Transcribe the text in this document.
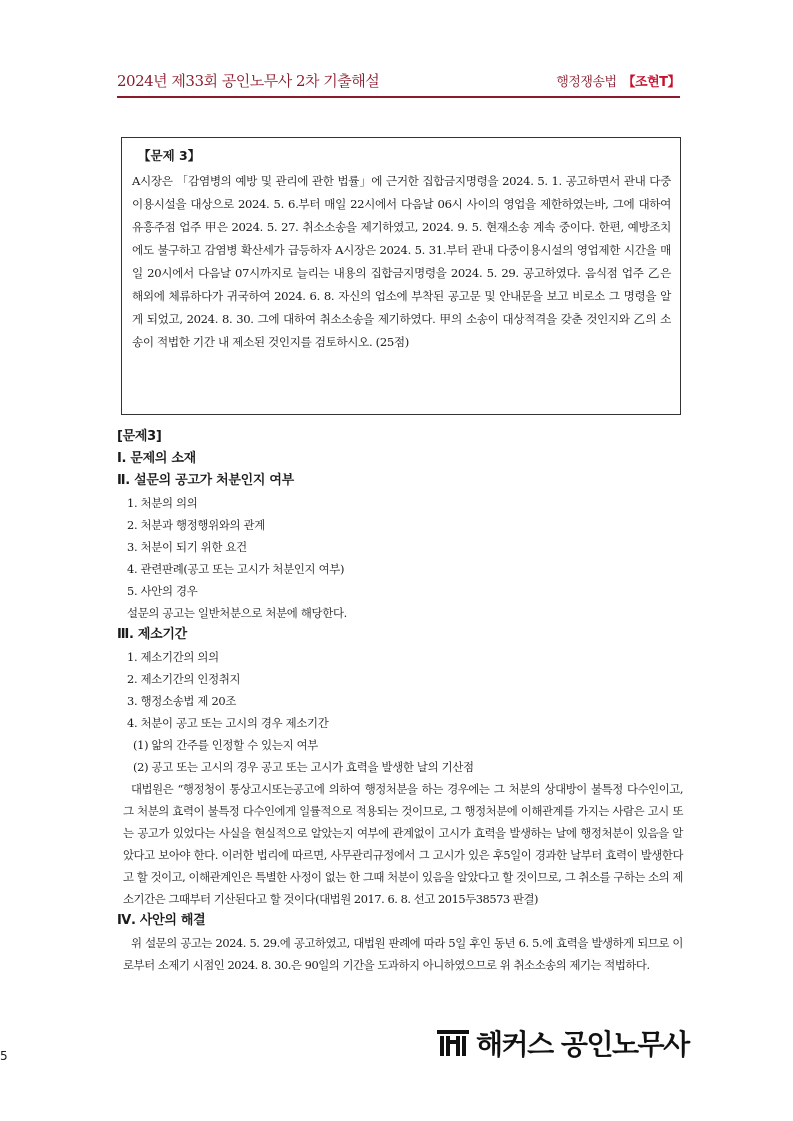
2024년 제33회 공인노무사 2차 기출해설	행정쟁송법 【조현T】

【문제 3】

A시장은 「감염병의 예방 및 관리에 관한 법률」에 근거한 집합금지명령을 2024. 5. 1. 공고하면서 관내 다중이용시설을 대상으로 2024. 5. 6.부터 매일 22시에서 다음날 06시 사이의 영업을 제한하였는바, 그에 대하여 유흥주점 업주 甲은 2024. 5. 27. 취소소송을 제기하였고, 2024. 9. 5. 현재소송 계속 중이다. 한편, 예방조치에도 불구하고 감염병 확산세가 급등하자 A시장은 2024. 5. 31.부터 관내 다중이용시설의 영업제한 시간을 매일 20시에서 다음날 07시까지로 늘리는 내용의 집합금지명령을 2024. 5. 29. 공고하였다. 음식점 업주 乙은 해외에 체류하다가 귀국하여 2024. 6. 8. 자신의 업소에 부착된 공고문 및 안내문을 보고 비로소 그 명령을 알게 되었고, 2024. 8. 30. 그에 대하여 취소소송을 제기하였다. 甲의 소송이 대상적격을 갖춘 것인지와 乙의 소송이 적법한 기간 내 제소된 것인지를 검토하시오. (25점)

[문제3]

Ⅰ. 문제의 소재

Ⅱ. 설문의 공고가 처분인지 여부

1. 처분의 의의

2. 처분과 행정행위와의 관계

3. 처분이 되기 위한 요건

4. 관련판례(공고 또는 고시가 처분인지 여부)

5. 사안의 경우

설문의 공고는 일반처분으로 처분에 해당한다.

Ⅲ. 제소기간

1. 제소기간의 의의

2. 제소기간의 인정취지

3. 행정소송법 제 20조

4. 처분이 공고 또는 고시의 경우 제소기간

(1) 앎의 간주를 인정할 수 있는지 여부

(2) 공고 또는 고시의 경우 공고 또는 고시가 효력을 발생한 날의 기산점

대법원은 “행정청이 통상고시또는공고에 의하여 행정처분을 하는 경우에는 그 처분의 상대방이 불특정 다수인이고, 그 처분의 효력이 불특정 다수인에게 일률적으로 적용되는 것이므로, 그 행정처분에 이해관계를 가지는 사람은 고시 또는 공고가 있었다는 사실을 현실적으로 알았는지 여부에 관계없이 고시가 효력을 발생하는 날에 행정처분이 있음을 알았다고 보아야 한다. 이러한 법리에 따르면, 사무관리규정에서 그 고시가 있은 후5일이 경과한 날부터 효력이 발생한다고 할 것이고, 이해관계인은 특별한 사정이 없는 한 그때 처분이 있음을 알았다고 할 것이므로, 그 취소를 구하는 소의 제소기간은 그때부터 기산된다고 할 것이다(대법원 2017. 6. 8. 선고 2015두38573 판결)

Ⅳ. 사안의 해결

위 설문의 공고는 2024. 5. 29.에 공고하였고, 대법원 판례에 따라 5일 후인 동년 6. 5.에 효력을 발생하게 되므로 이로부터 소제기 시점인 2024. 8. 30.은 90일의 기간을 도과하지 아니하였으므로 위 취소소송의 제기는 적법하다.

5	해커스 공인노무사
